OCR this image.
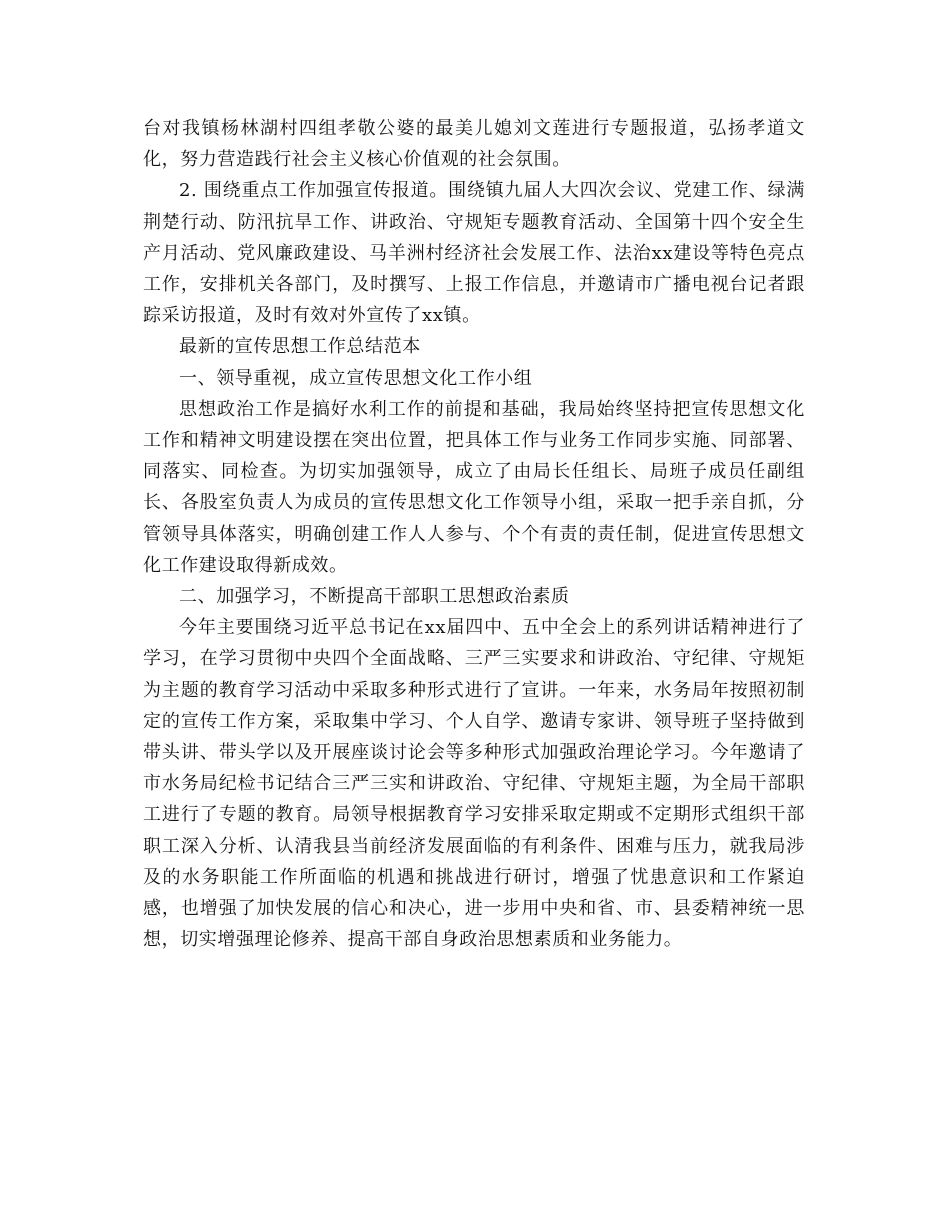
台对我镇杨林湖村四组孝敬公婆的最美儿媳刘文莲进行专题报道，弘扬孝道文化，努力营造践行社会主义核心价值观的社会氛围。

2. 围绕重点工作加强宣传报道。围绕镇九届人大四次会议、党建工作、绿满荆楚行动、防汛抗旱工作、讲政治、守规矩专题教育活动、全国第十四个安全生产月活动、党风廉政建设、马羊洲村经济社会发展工作、法治xx建设等特色亮点工作，安排机关各部门，及时撰写、上报工作信息，并邀请市广播电视台记者跟踪采访报道，及时有效对外宣传了xx镇。

最新的宣传思想工作总结范本

一、领导重视，成立宣传思想文化工作小组

思想政治工作是搞好水利工作的前提和基础，我局始终坚持把宣传思想文化工作和精神文明建设摆在突出位置，把具体工作与业务工作同步实施、同部署、同落实、同检查。为切实加强领导，成立了由局长任组长、局班子成员任副组长、各股室负责人为成员的宣传思想文化工作领导小组，采取一把手亲自抓，分管领导具体落实，明确创建工作人人参与、个个有责的责任制，促进宣传思想文化工作建设取得新成效。

二、加强学习，不断提高干部职工思想政治素质

今年主要围绕习近平总书记在xx届四中、五中全会上的系列讲话精神进行了学习，在学习贯彻中央四个全面战略、三严三实要求和讲政治、守纪律、守规矩为主题的教育学习活动中采取多种形式进行了宣讲。一年来，水务局年按照初制定的宣传工作方案，采取集中学习、个人自学、邀请专家讲、领导班子坚持做到带头讲、带头学以及开展座谈讨论会等多种形式加强政治理论学习。今年邀请了市水务局纪检书记结合三严三实和讲政治、守纪律、守规矩主题，为全局干部职工进行了专题的教育。局领导根据教育学习安排采取定期或不定期形式组织干部职工深入分析、认清我县当前经济发展面临的有利条件、困难与压力，就我局涉及的水务职能工作所面临的机遇和挑战进行研讨，增强了忧患意识和工作紧迫感，也增强了加快发展的信心和决心，进一步用中央和省、市、县委精神统一思想，切实增强理论修养、提高干部自身政治思想素质和业务能力。
